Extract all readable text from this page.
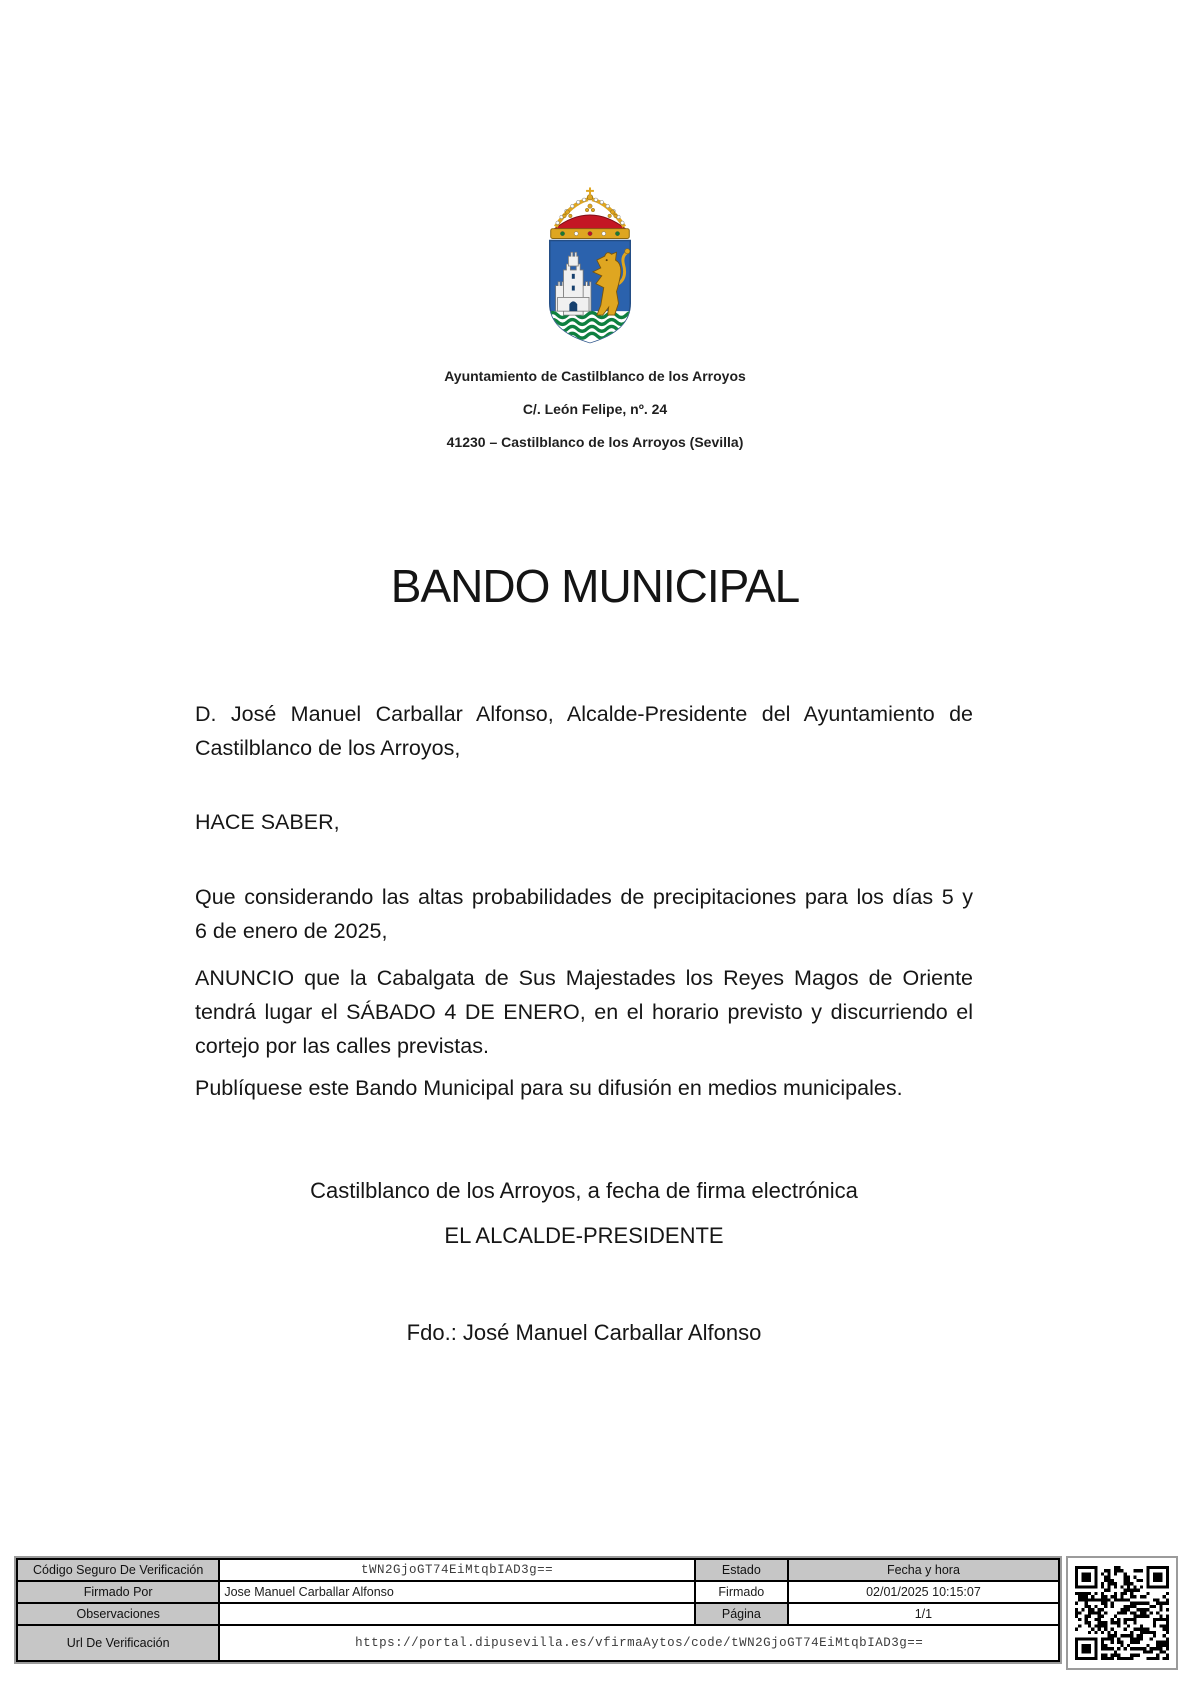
Ayuntamiento de Castilblanco de los Arroyos
C/. León Felipe, nº. 24
41230 – Castilblanco de los Arroyos (Sevilla)
BANDO MUNICIPAL
D. José Manuel Carballar Alfonso, Alcalde-Presidente del Ayuntamiento de
Castilblanco de los Arroyos,
HACE SABER,
Que considerando las altas probabilidades de precipitaciones para los días 5 y
6 de enero de 2025,
ANUNCIO que la Cabalgata de Sus Majestades los Reyes Magos de Oriente
tendrá lugar el SÁBADO 4 DE ENERO, en el horario previsto y discurriendo el
cortejo por las calles previstas.
Publíquese este Bando Municipal para su difusión en medios municipales.
Castilblanco de los Arroyos, a fecha de firma electrónica
EL ALCALDE-PRESIDENTE
Fdo.: José Manuel Carballar Alfonso
Código Seguro De Verificación	tWN2GjoGT74EiMtqbIAD3g==	Estado	Fecha y hora
Firmado Por	Jose Manuel Carballar Alfonso	Firmado	02/01/2025 10:15:07
Observaciones		Página	1/1
Url De Verificación	https://portal.dipusevilla.es/vfirmaAytos/code/tWN2GjoGT74EiMtqbIAD3g==		
